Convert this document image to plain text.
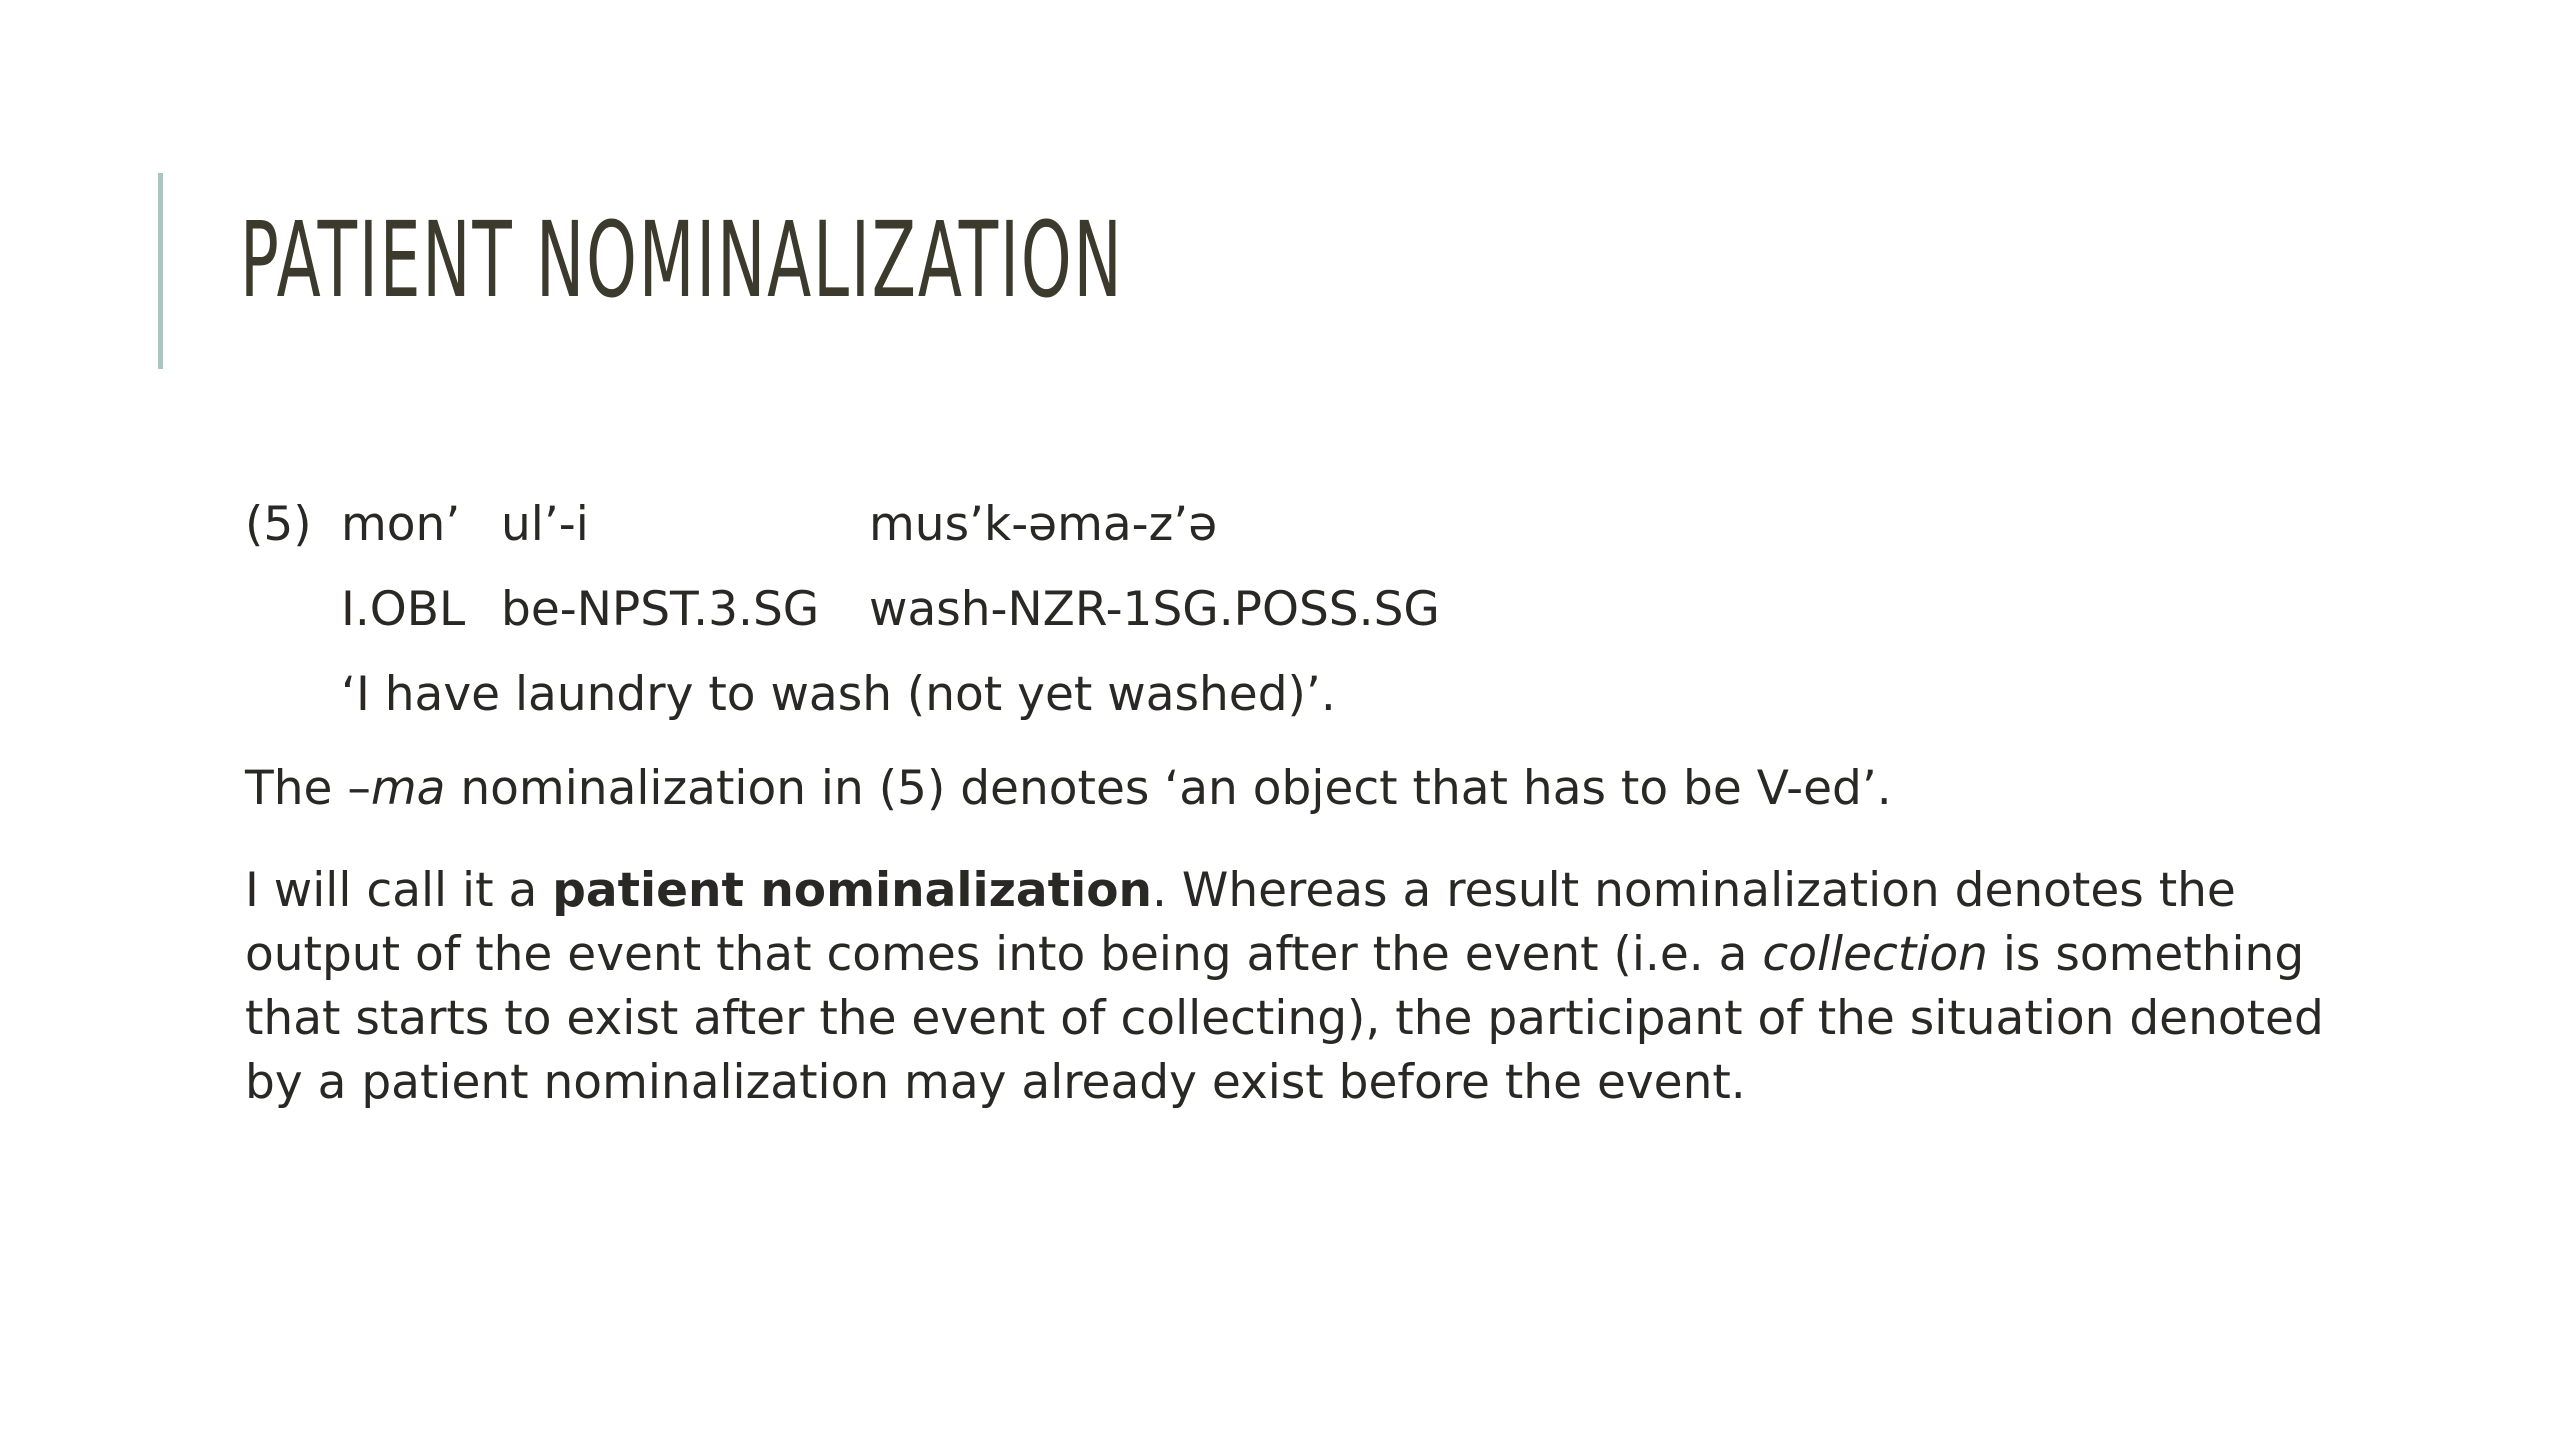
PATIENT NOMINALIZATION
(5) mon’ ul’-i	mus’k-əma-z’ə
I.OBL be-NPST.3.SG	wash-NZR-1SG.POSS.SG
‘I have laundry to wash (not yet washed)’.

The –ma nominalization in (5) denotes ‘an object that has to be V-ed’.

I will call it a patient nominalization. Whereas a result nominalization denotes the output of the event that comes into being after the event (i.e. a collection is something that starts to exist after the event of collecting), the participant of the situation denoted by a patient nominalization may already exist before the event.
